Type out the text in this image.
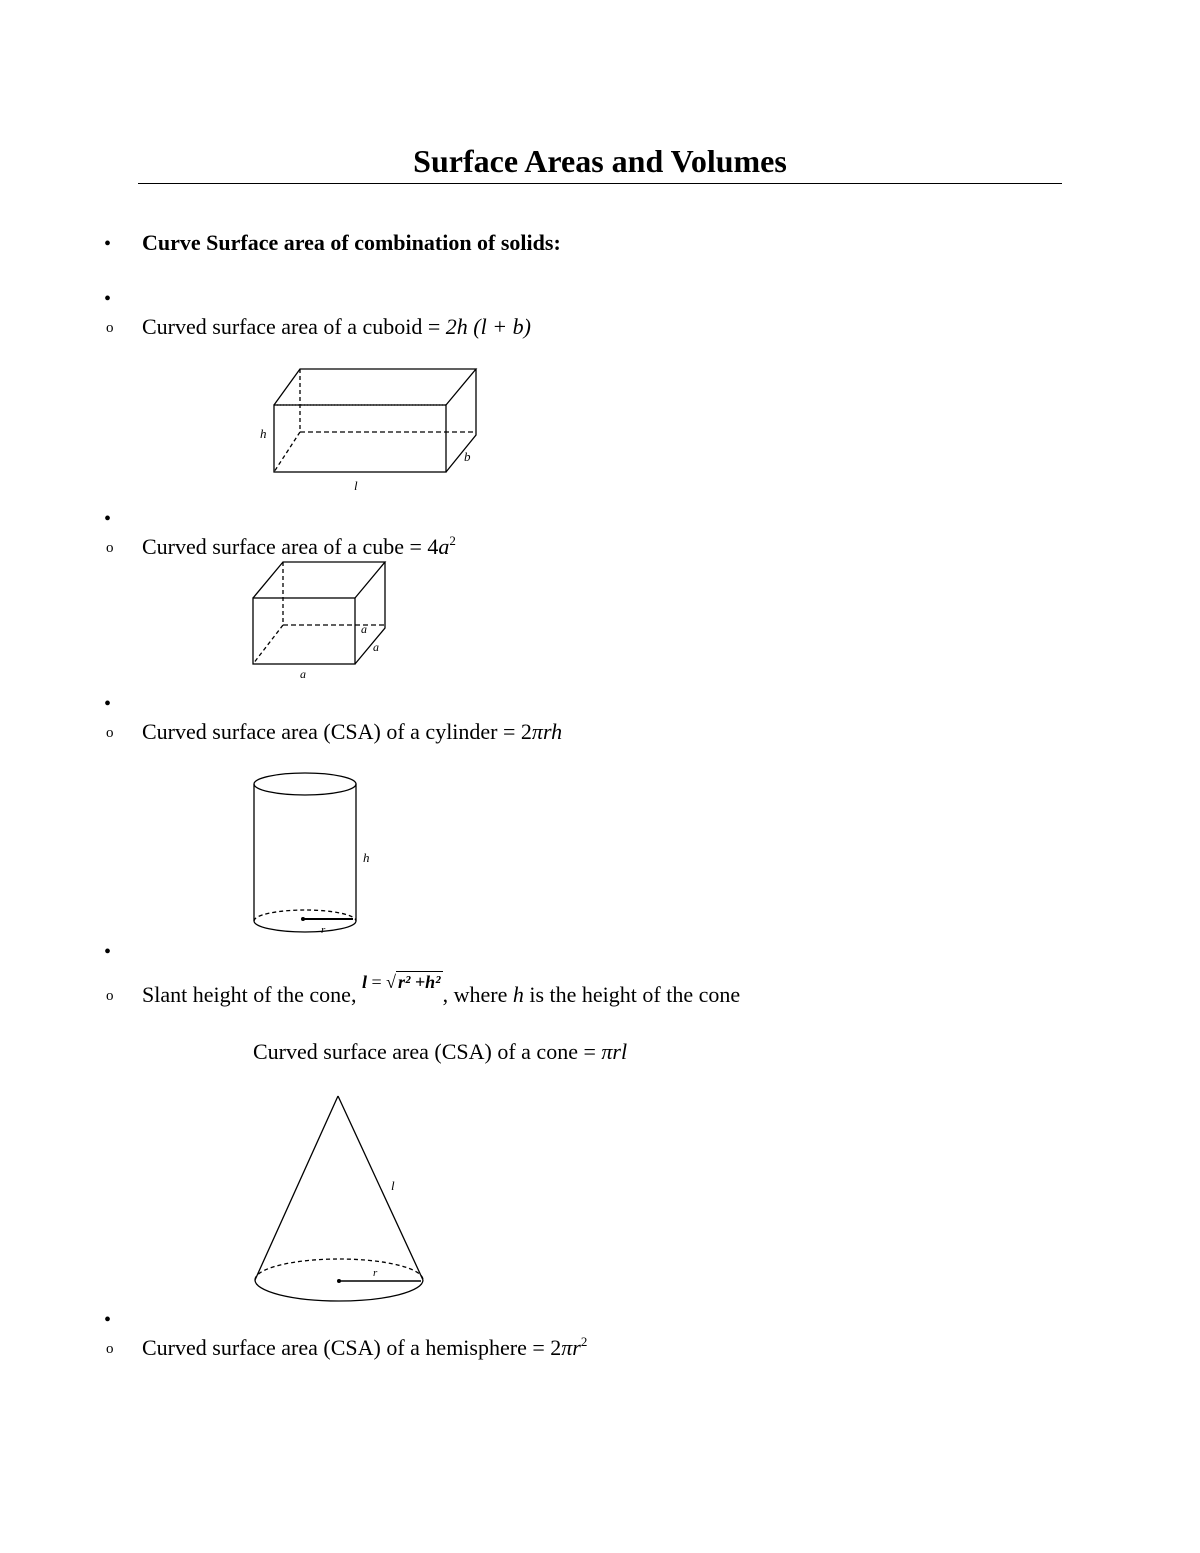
Surface Areas and Volumes
• Curve Surface area of combination of solids:
•
o Curved surface area of a cuboid = 2h (l + b)
h
l
b
•
o Curved surface area of a cube = $4a^2$
a
a
a
•
o Curved surface area (CSA) of a cylinder = 2πrh
h
r
•
o Slant height of the cone, $^{l = √ r^2 +h^2}$, where h is the height of the cone
Curved surface area (CSA) of a cone = πrl
l
r
•
o Curved surface area (CSA) of a hemisphere = $2\pi r^2$
